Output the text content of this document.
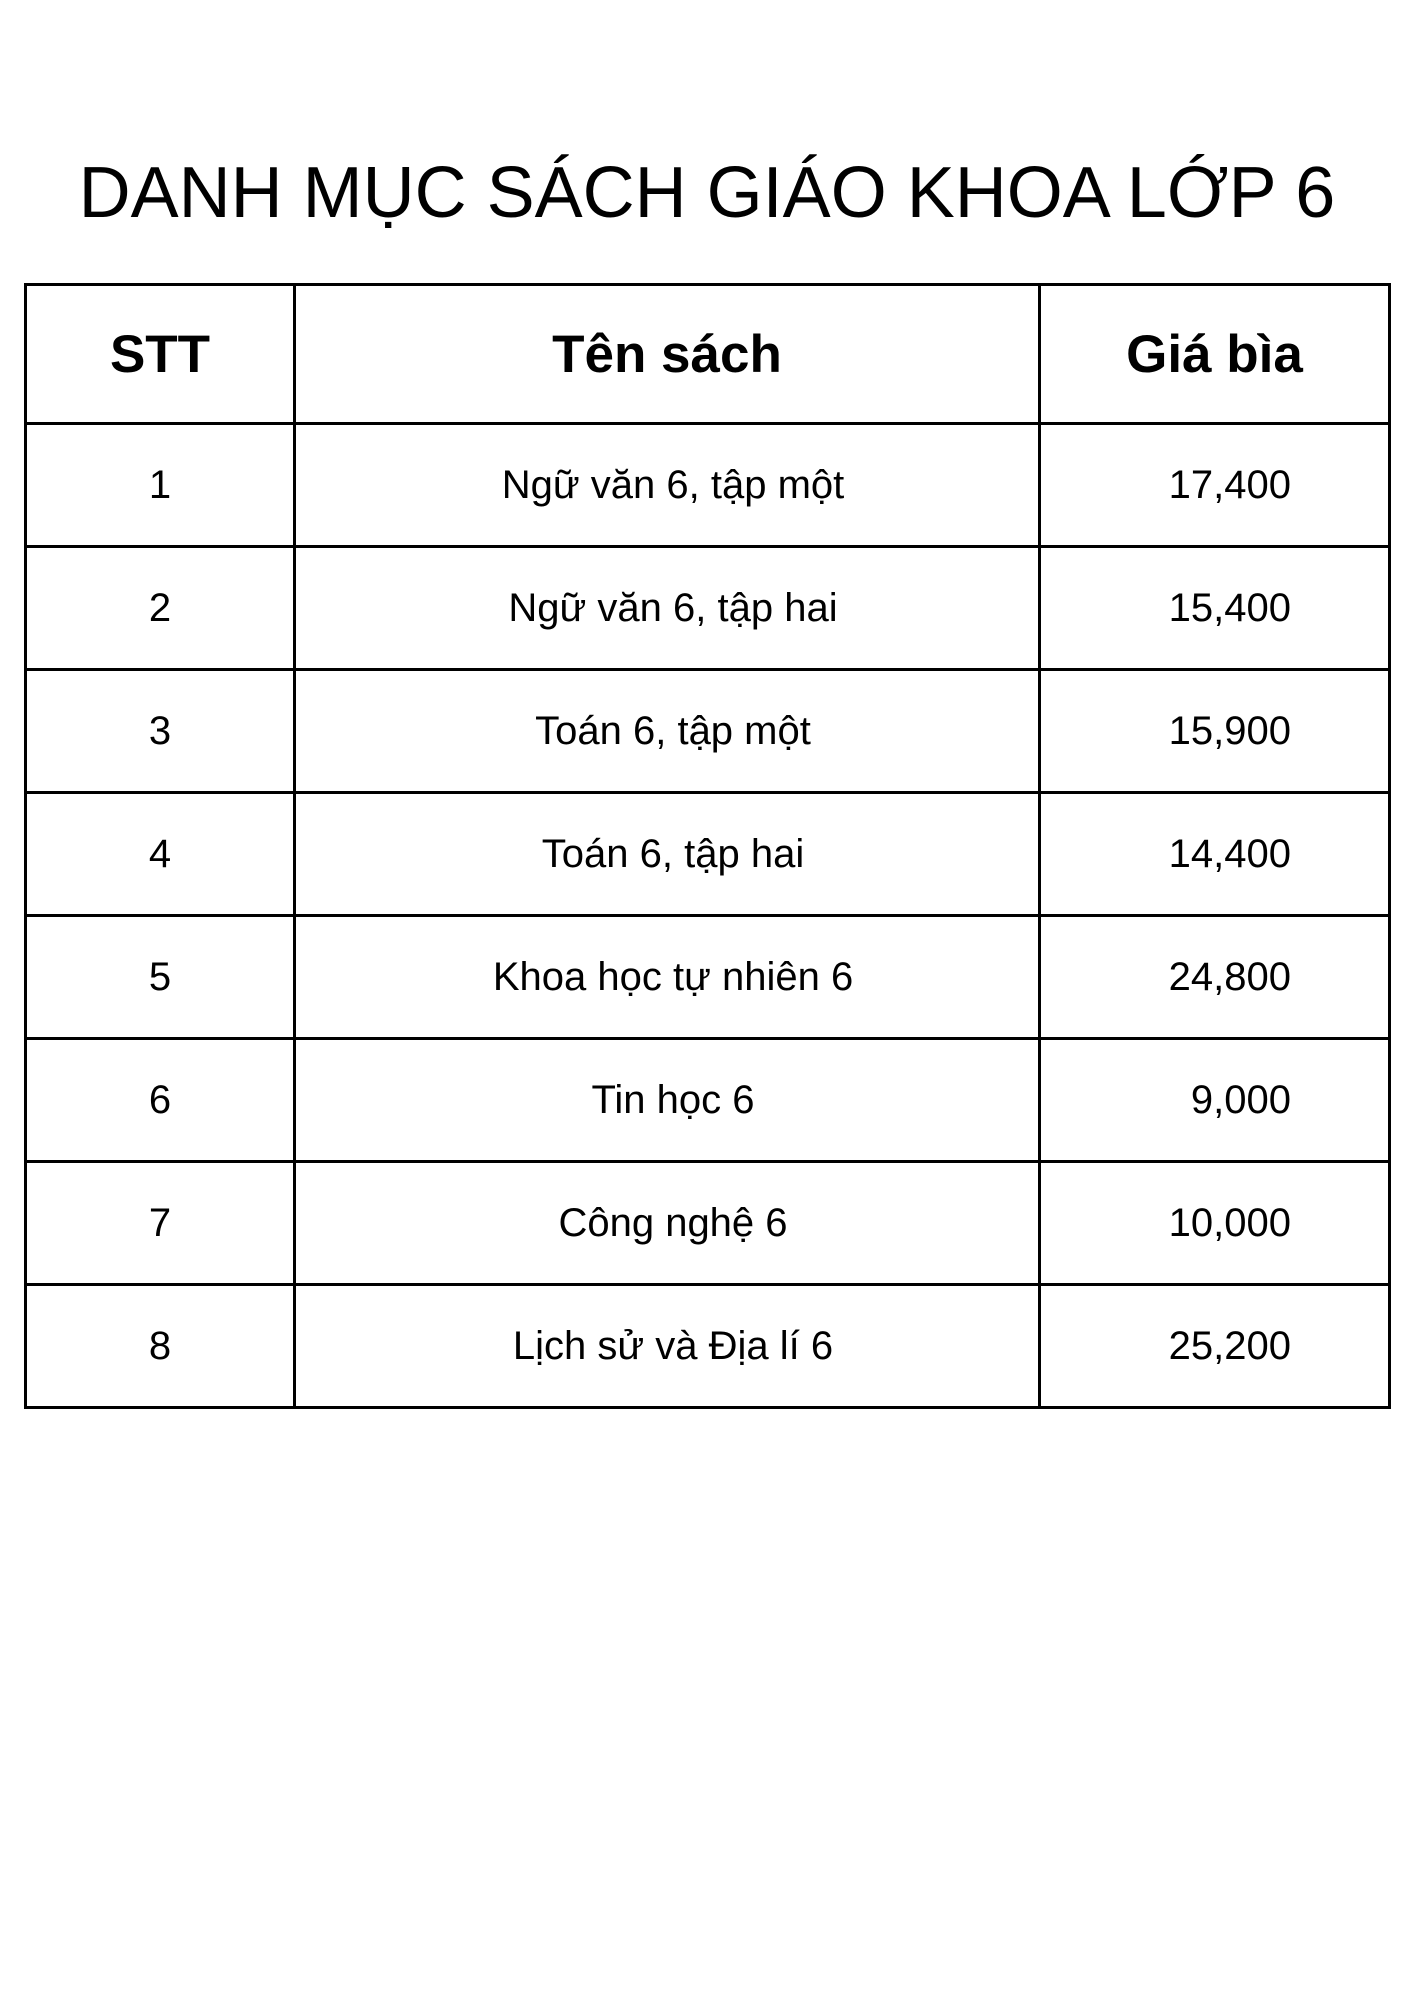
DANH MỤC SÁCH GIÁO KHOA LỚP 6
STT	Tên sách	Giá bìa
1	Ngữ văn 6, tập một	17,400
2	Ngữ văn 6, tập hai	15,400
3	Toán 6, tập một	15,900
4	Toán 6, tập hai	14,400
5	Khoa học tự nhiên 6	24,800
6	Tin học 6	9,000
7	Công nghệ 6	10,000
8	Lịch sử và Địa lí 6	25,200
